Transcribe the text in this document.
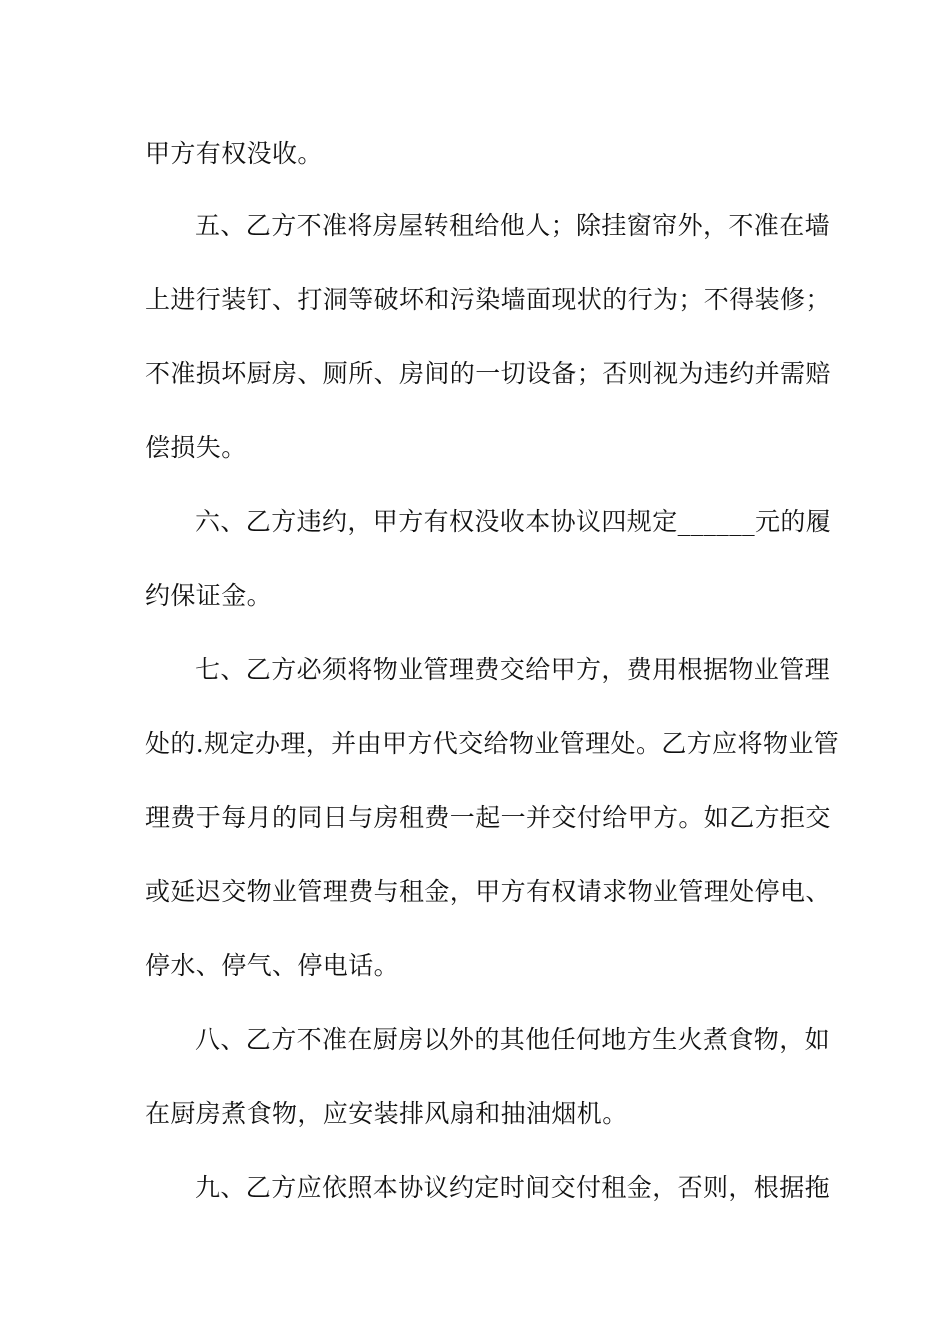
甲方有权没收。
五、乙方不准将房屋转租给他人；除挂窗帘外，不准在墙
上进行装钉、打洞等破坏和污染墙面现状的行为；不得装修；
不准损坏厨房、厕所、房间的一切设备；否则视为违约并需赔
偿损失。
六、乙方违约，甲方有权没收本协议四规定______元的履
约保证金。
七、乙方必须将物业管理费交给甲方，费用根据物业管理
处的.规定办理，并由甲方代交给物业管理处。乙方应将物业管
理费于每月的同日与房租费一起一并交付给甲方。如乙方拒交
或延迟交物业管理费与租金，甲方有权请求物业管理处停电、
停水、停气、停电话。
八、乙方不准在厨房以外的其他任何地方生火煮食物，如
在厨房煮食物，应安装排风扇和抽油烟机。
九、乙方应依照本协议约定时间交付租金，否则，根据拖
